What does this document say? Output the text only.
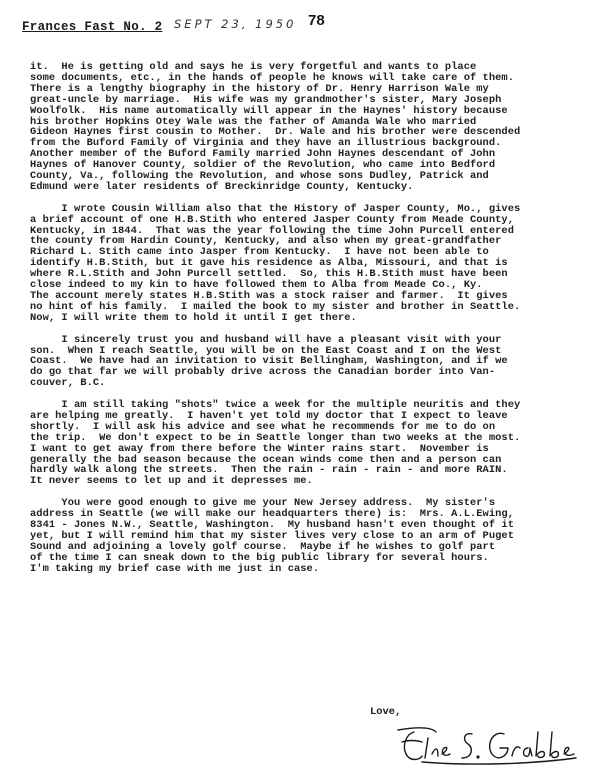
Frances Fast No. 2 SEPT 23, 1950 78
it.  He is getting old and says he is very forgetful and wants to place
some documents, etc., in the hands of people he knows will take care of them.
There is a lengthy biography in the history of Dr. Henry Harrison Wale my
great-uncle by marriage.  His wife was my grandmother's sister, Mary Joseph
Woolfolk.  His name automatically will appear in the Haynes' history because
his brother Hopkins Otey Wale was the father of Amanda Wale who married
Gideon Haynes first cousin to Mother.  Dr. Wale and his brother were descended
from the Buford Family of Virginia and they have an illustrious background.
Another member of the Buford Family married John Haynes descendant of John
Haynes of Hanover County, soldier of the Revolution, who came into Bedford
County, Va., following the Revolution, and whose sons Dudley, Patrick and
Edmund were later residents of Breckinridge County, Kentucky.
I wrote Cousin William also that the History of Jasper County, Mo., gives
a brief account of one H.B.Stith who entered Jasper County from Meade County,
Kentucky, in 1844.  That was the year following the time John Purcell entered
the county from Hardin County, Kentucky, and also when my great-grandfather
Richard L. Stith came into Jasper from Kentucky.  I have not been able to
identify H.B.Stith, but it gave his residence as Alba, Missouri, and that is
where R.L.Stith and John Purcell settled.  So, this H.B.Stith must have been
close indeed to my kin to have followed them to Alba from Meade Co., Ky.
The account merely states H.B.Stith was a stock raiser and farmer.  It gives
no hint of his family.  I mailed the book to my sister and brother in Seattle.
Now, I will write them to hold it until I get there.
I sincerely trust you and husband will have a pleasant visit with your
son.  When I reach Seattle, you will be on the East Coast and I on the West
Coast.  We have had an invitation to visit Bellingham, Washington, and if we
do go that far we will probably drive across the Canadian border into Van-
couver, B.C.
I am still taking "shots" twice a week for the multiple neuritis and they
are helping me greatly.  I haven't yet told my doctor that I expect to leave
shortly.  I will ask his advice and see what he recommends for me to do on
the trip.  We don't expect to be in Seattle longer than two weeks at the most.
I want to get away from there before the Winter rains start.  November is
generally the bad season because the ocean winds come then and a person can
hardly walk along the streets.  Then the rain - rain - rain - and more RAIN.
It never seems to let up and it depresses me.
You were good enough to give me your New Jersey address.  My sister's
address in Seattle (we will make our headquarters there) is:  Mrs. A.L.Ewing,
8341 - Jones N.W., Seattle, Washington.  My husband hasn't even thought of it
yet, but I will remind him that my sister lives very close to an arm of Puget
Sound and adjoining a lovely golf course.  Maybe if he wishes to golf part
of the time I can sneak down to the big public library for several hours.
I'm taking my brief case with me just in case.
Love,
